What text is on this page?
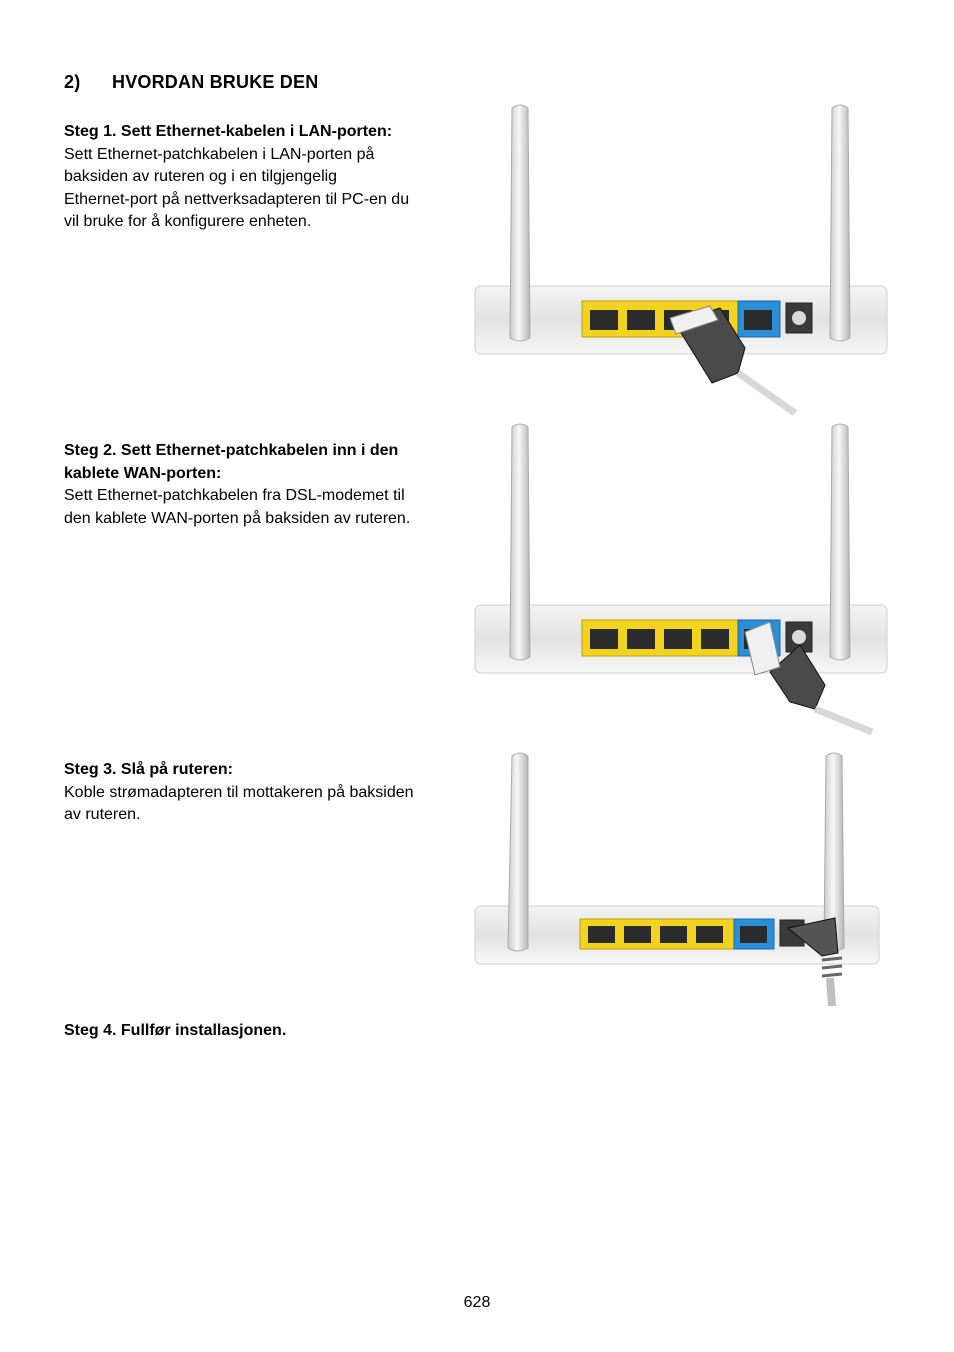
2) HVORDAN BRUKE DEN
Steg 1. Sett Ethernet-kabelen i LAN-porten:
Sett Ethernet-patchkabelen i LAN-porten på
baksiden av ruteren og i en tilgjengelig
Ethernet-port på nettverksadapteren til PC-en du
vil bruke for å konfigurere enheten.
Steg 2. Sett Ethernet-patchkabelen inn i den
kablete WAN-porten:
Sett Ethernet-patchkabelen fra DSL-modemet til
den kablete WAN-porten på baksiden av ruteren.
Steg 3. Slå på ruteren:
Koble strømadapteren til mottakeren på baksiden
av ruteren.
Steg 4. Fullfør installasjonen.
628
